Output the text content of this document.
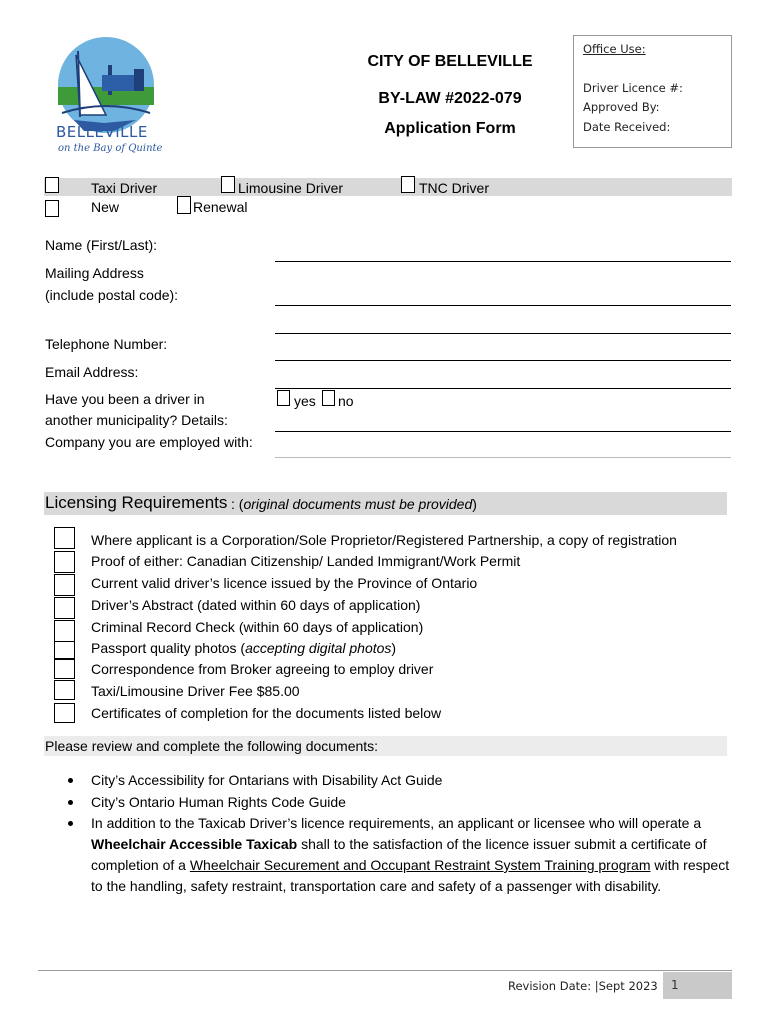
BELLEVILLE
on the Bay of Quinte
CITY OF BELLEVILLE
BY-LAW #2022-079
Application Form
Office Use:
Driver Licence #:
Approved By:
Date Received:
Taxi Driver	Limousine Driver	TNC Driver
New	Renewal
Name (First/Last):
Mailing Address
(include postal code):
Telephone Number:
Email Address:
Have you been a driver in
another municipality? Details:
yes no
Company you are employed with:
Licensing Requirements : (original documents must be provided)
Where applicant is a Corporation/Sole Proprietor/Registered Partnership, a copy of registration
Proof of either: Canadian Citizenship/ Landed Immigrant/Work Permit
Current valid driver’s licence issued by the Province of Ontario
Driver’s Abstract (dated within 60 days of application)
Criminal Record Check (within 60 days of application)
Passport quality photos (accepting digital photos)
Correspondence from Broker agreeing to employ driver
Taxi/Limousine Driver Fee $85.00
Certificates of completion for the documents listed below
Please review and complete the following documents:
City’s Accessibility for Ontarians with Disability Act Guide
City’s Ontario Human Rights Code Guide
In addition to the Taxicab Driver’s licence requirements, an applicant or licensee who will operate a Wheelchair Accessible Taxicab shall to the satisfaction of the licence issuer submit a certificate of completion of a Wheelchair Securement and Occupant Restraint System Training program with respect to the handling, safety restraint, transportation care and safety of a passenger with disability.
Revision Date: |Sept 2023 1
